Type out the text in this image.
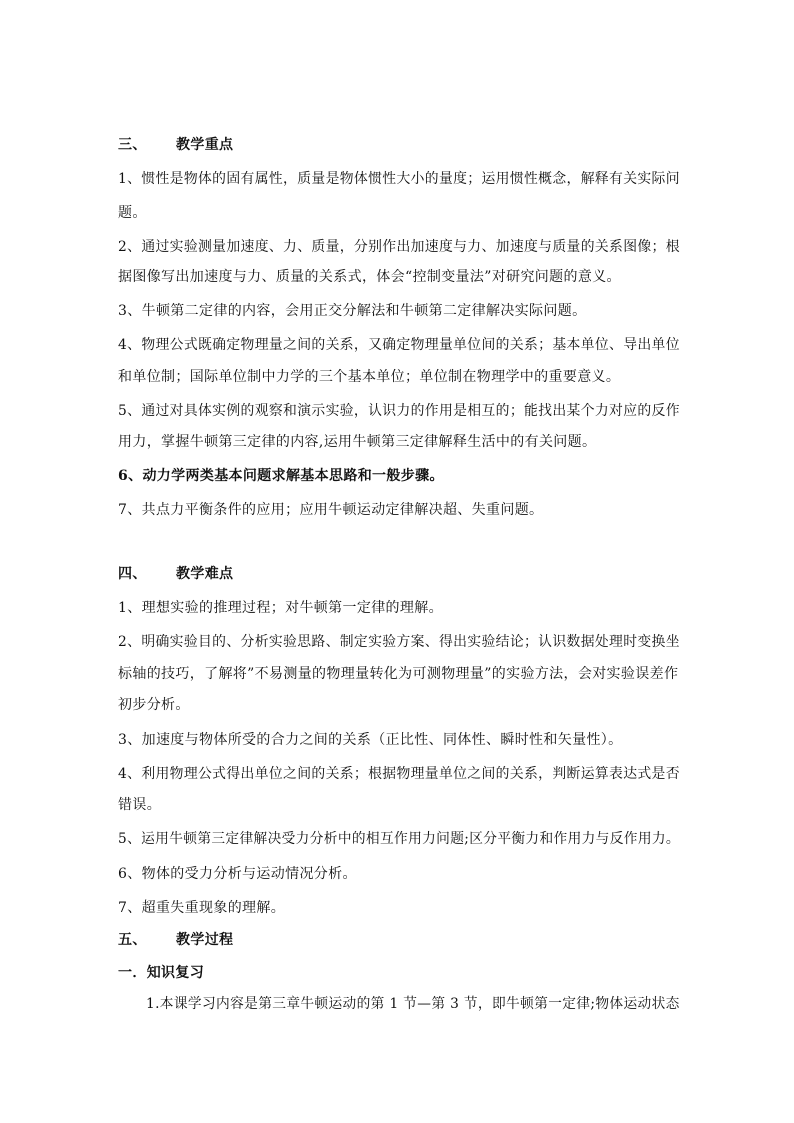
三、 教学重点

1、惯性是物体的固有属性，质量是物体惯性大小的量度；运用惯性概念，解释有关实际问

题。

2、通过实验测量加速度、力、质量，分别作出加速度与力、加速度与质量的关系图像；根

据图像写出加速度与力、质量的关系式，体会“控制变量法”对研究问题的意义。

3、牛顿第二定律的内容，会用正交分解法和牛顿第二定律解决实际问题。

4、物理公式既确定物理量之间的关系，又确定物理量单位间的关系；基本单位、导出单位

和单位制；国际单位制中力学的三个基本单位；单位制在物理学中的重要意义。

5、通过对具体实例的观察和演示实验，认识力的作用是相互的；能找出某个力对应的反作

用力，掌握牛顿第三定律的内容,运用牛顿第三定律解释生活中的有关问题。

6、动力学两类基本问题求解基本思路和一般步骤。

7、共点力平衡条件的应用；应用牛顿运动定律解决超、失重问题。

四、 教学难点

1、理想实验的推理过程；对牛顿第一定律的理解。

2、明确实验目的、分析实验思路、制定实验方案、得出实验结论；认识数据处理时变换坐

标轴的技巧，了解将”不易测量的物理量转化为可测物理量”的实验方法，会对实验误差作

初步分析。

3、加速度与物体所受的合力之间的关系（正比性、同体性、瞬时性和矢量性）。

4、利用物理公式得出单位之间的关系；根据物理量单位之间的关系，判断运算表达式是否

错误。

5、运用牛顿第三定律解决受力分析中的相互作用力问题;区分平衡力和作用力与反作用力。

6、物体的受力分析与运动情况分析。

7、超重失重现象的理解。

五、 教学过程

一．知识复习

1.本课学习内容是第三章牛顿运动的第 1 节—第 3 节，即牛顿第一定律;物体运动状态
